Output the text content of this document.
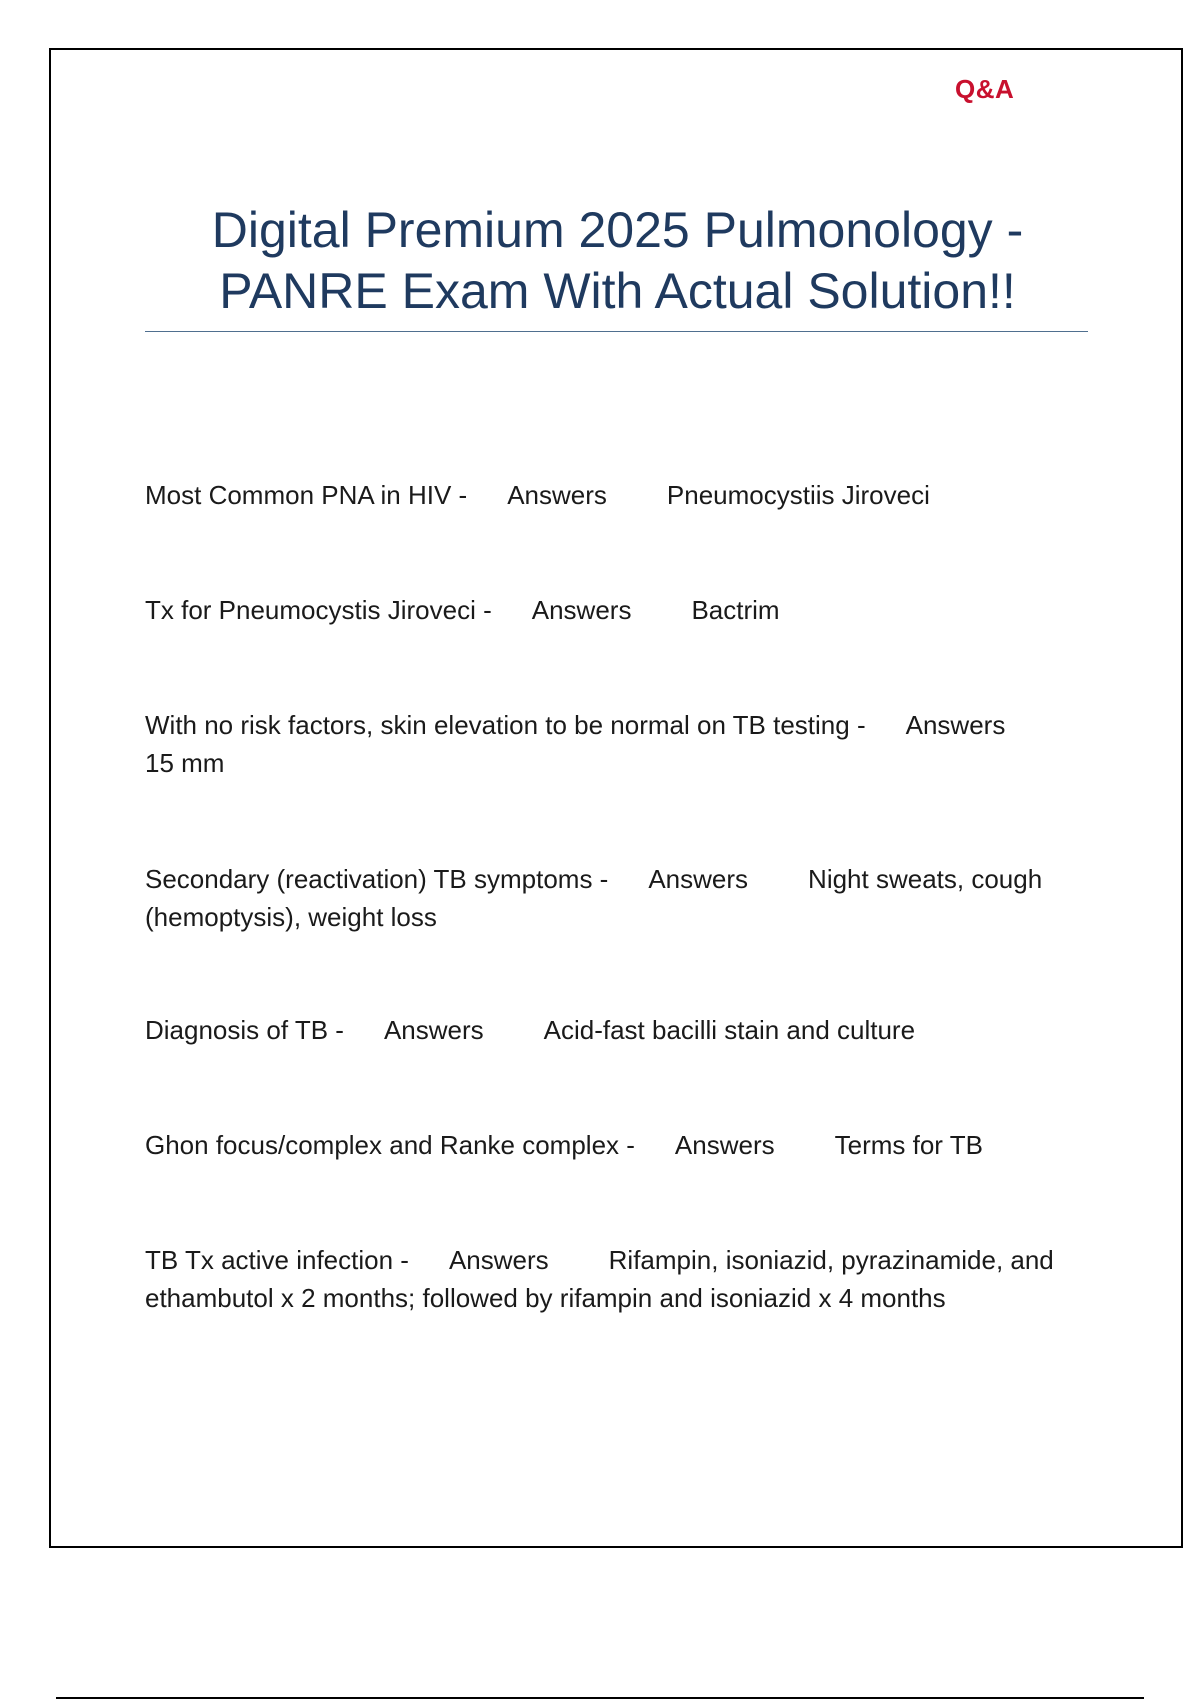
Q&A
Digital Premium 2025 Pulmonology - PANRE Exam With Actual Solution!!
Most Common PNA in HIV - Answers Pneumocystiis Jiroveci
Tx for Pneumocystis Jiroveci - Answers Bactrim
With no risk factors, skin elevation to be normal on TB testing - Answers15 mm
Secondary (reactivation) TB symptoms - Answers Night sweats, cough (hemoptysis), weight loss
Diagnosis of TB - Answers Acid-fast bacilli stain and culture
Ghon focus/complex and Ranke complex - Answers Terms for TB
TB Tx active infection - Answers Rifampin, isoniazid, pyrazinamide, and ethambutol x 2 months; followed by rifampin and isoniazid x 4 months
